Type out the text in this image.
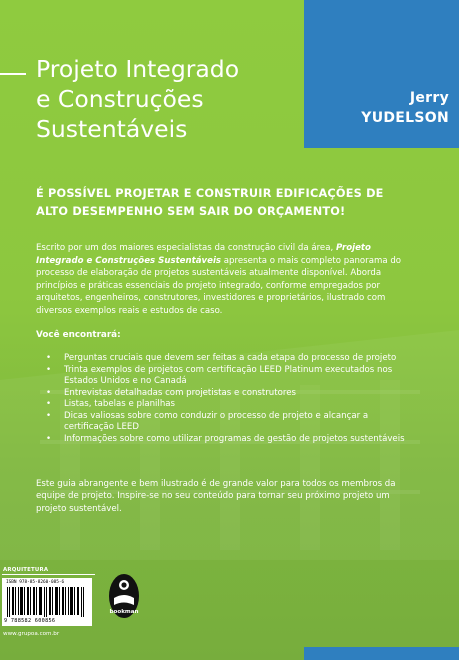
Projeto Integrado
e Construções
Sustentáveis
Jerry
YUDELSON
É POSSÍVEL PROJETAR E CONSTRUIR EDIFICAÇÕES DE
ALTO DESEMPENHO SEM SAIR DO ORÇAMENTO!

Escrito por um dos maiores especialistas da construção civil da área, Projeto Integrado e Construções Sustentáveis apresenta o mais completo panorama do processo de elaboração de projetos sustentáveis atualmente disponível. Aborda princípios e práticas essenciais do projeto integrado, conforme empregados por arquitetos, engenheiros, construtores, investidores e proprietários, ilustrado com diversos exemplos reais e estudos de caso.

Você encontrará:
• Perguntas cruciais que devem ser feitas a cada etapa do processo de projeto
• Trinta exemplos de projetos com certificação LEED Platinum executados nos Estados Unidos e no Canadá
• Entrevistas detalhadas com projetistas e construtores
• Listas, tabelas e planilhas
• Dicas valiosas sobre como conduzir o processo de projeto e alcançar a certificação LEED
• Informações sobre como utilizar programas de gestão de projetos sustentáveis

Este guia abrangente e bem ilustrado é de grande valor para todos os membros da equipe de projeto. Inspire-se no seu conteúdo para tornar seu próximo projeto um projeto sustentável.

ARQUITETURA
ISBN 978-85-8260-085-6
9 788582 600856
www.grupoa.com.br
bookman
